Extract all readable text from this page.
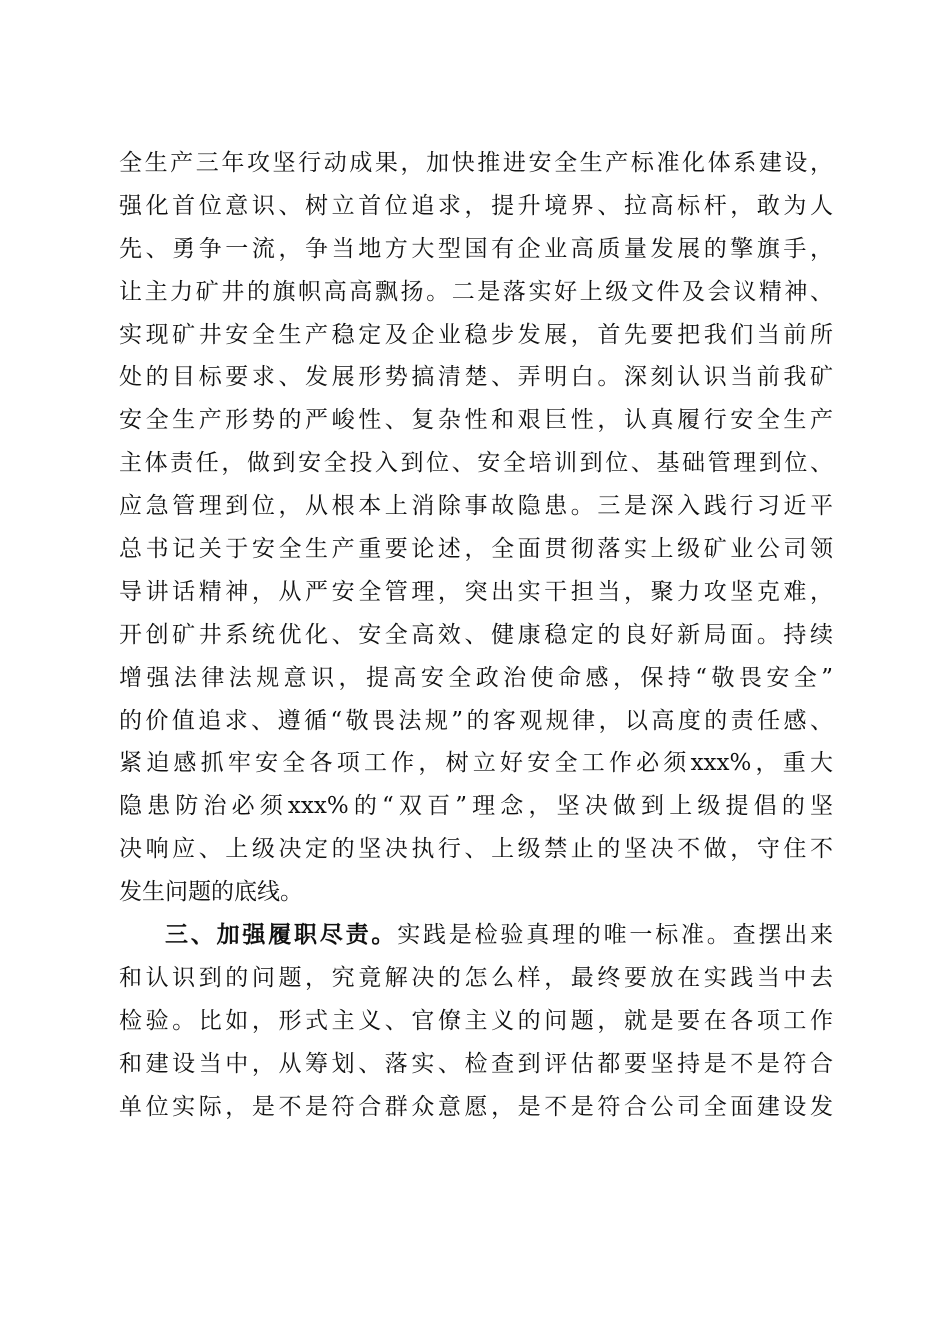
全生产三年攻坚行动成果，加快推进安全生产标准化体系建设，
强化首位意识、树立首位追求，提升境界、拉高标杆，敢为人
先、勇争一流，争当地方大型国有企业高质量发展的擎旗手，
让主力矿井的旗帜高高飘扬。二是落实好上级文件及会议精神、
实现矿井安全生产稳定及企业稳步发展，首先要把我们当前所
处的目标要求、发展形势搞清楚、弄明白。深刻认识当前我矿
安全生产形势的严峻性、复杂性和艰巨性，认真履行安全生产
主体责任，做到安全投入到位、安全培训到位、基础管理到位、
应急管理到位，从根本上消除事故隐患。三是深入践行习近平
总书记关于安全生产重要论述，全面贯彻落实上级矿业公司领
导讲话精神，从严安全管理，突出实干担当，聚力攻坚克难，
开创矿井系统优化、安全高效、健康稳定的良好新局面。持续
增强法律法规意识，提高安全政治使命感，保持“敬畏安全”
的价值追求、遵循“敬畏法规”的客观规律，以高度的责任感、
紧迫感抓牢安全各项工作，树立好安全工作必须xxx%，重大
隐患防治必须xxx%的“双百”理念，坚决做到上级提倡的坚
决响应、上级决定的坚决执行、上级禁止的坚决不做，守住不
发生问题的底线。
三、加强履职尽责。实践是检验真理的唯一标准。查摆出来
和认识到的问题，究竟解决的怎么样，最终要放在实践当中去
检验。比如，形式主义、官僚主义的问题，就是要在各项工作
和建设当中，从筹划、落实、检查到评估都要坚持是不是符合
单位实际，是不是符合群众意愿，是不是符合公司全面建设发
